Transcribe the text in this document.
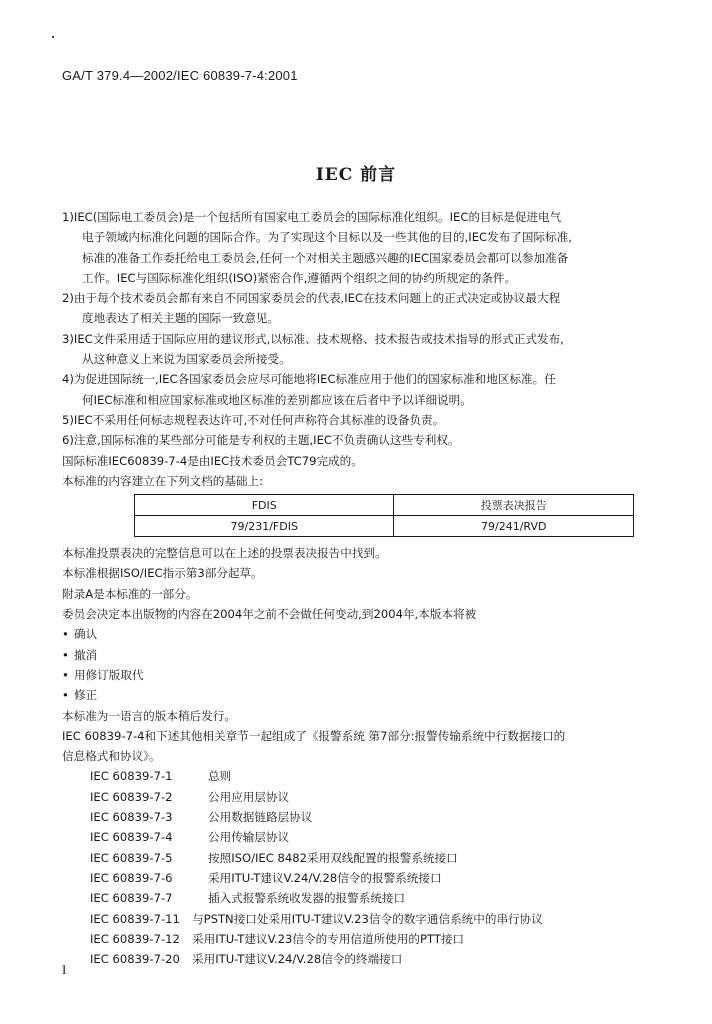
GA/T 379.4—2002/IEC 60839-7-4:2001
IEC 前言
1)IEC(国际电工委员会)是一个包括所有国家电工委员会的国际标准化组织。IEC的目标是促进电气
电子领域内标准化问题的国际合作。为了实现这个目标以及一些其他的目的,IEC发布了国际标准,
标准的准备工作委托给电工委员会,任何一个对相关主题感兴趣的IEC国家委员会都可以参加准备
工作。IEC与国际标准化组织(ISO)紧密合作,遵循两个组织之间的协约所规定的条件。
2)由于每个技术委员会都有来自不同国家委员会的代表,IEC在技术问题上的正式决定或协议最大程
度地表达了相关主题的国际一致意见。
3)IEC文件采用适于国际应用的建议形式,以标准、技术规格、技术报告或技术指导的形式正式发布,
从这种意义上来说为国家委员会所接受。
4)为促进国际统一,IEC各国家委员会应尽可能地将IEC标准应用于他们的国家标准和地区标准。任
何IEC标准和相应国家标准或地区标准的差别都应该在后者中予以详细说明。
5)IEC不采用任何标志规程表达许可,不对任何声称符合其标准的设备负责。
6)注意,国际标准的某些部分可能是专利权的主题,IEC不负责确认这些专利权。
国际标准IEC60839-7-4是由IEC技术委员会TC79完成的。
本标准的内容建立在下列文档的基础上:
FDIS	投票表决报告
79/231/FDIS	79/241/RVD
本标准投票表决的完整信息可以在上述的投票表决报告中找到。
本标准根据ISO/IEC指示第3部分起草。
附录A是本标准的一部分。
委员会决定本出版物的内容在2004年之前不会做任何变动,到2004年,本版本将被
• 确认
• 撤消
• 用修订版取代
• 修正
本标准为一语言的版本稍后发行。
IEC 60839-7-4和下述其他相关章节一起组成了《报警系统 第7部分:报警传输系统中行数据接口的
信息格式和协议》。
IEC 60839-7-1	总则
IEC 60839-7-2	公用应用层协议
IEC 60839-7-3	公用数据链路层协议
IEC 60839-7-4	公用传输层协议
IEC 60839-7-5	按照ISO/IEC 8482采用双线配置的报警系统接口
IEC 60839-7-6	采用ITU-T建议V.24/V.28信令的报警系统接口
IEC 60839-7-7	插入式报警系统收发器的报警系统接口
IEC 60839-7-11 与PSTN接口处采用ITU-T建议V.23信令的数字通信系统中的串行协议
IEC 60839-7-12 采用ITU-T建议V.23信令的专用信道所使用的PTT接口
IEC 60839-7-20 采用ITU-T建议V.24/V.28信令的终端接口
I
